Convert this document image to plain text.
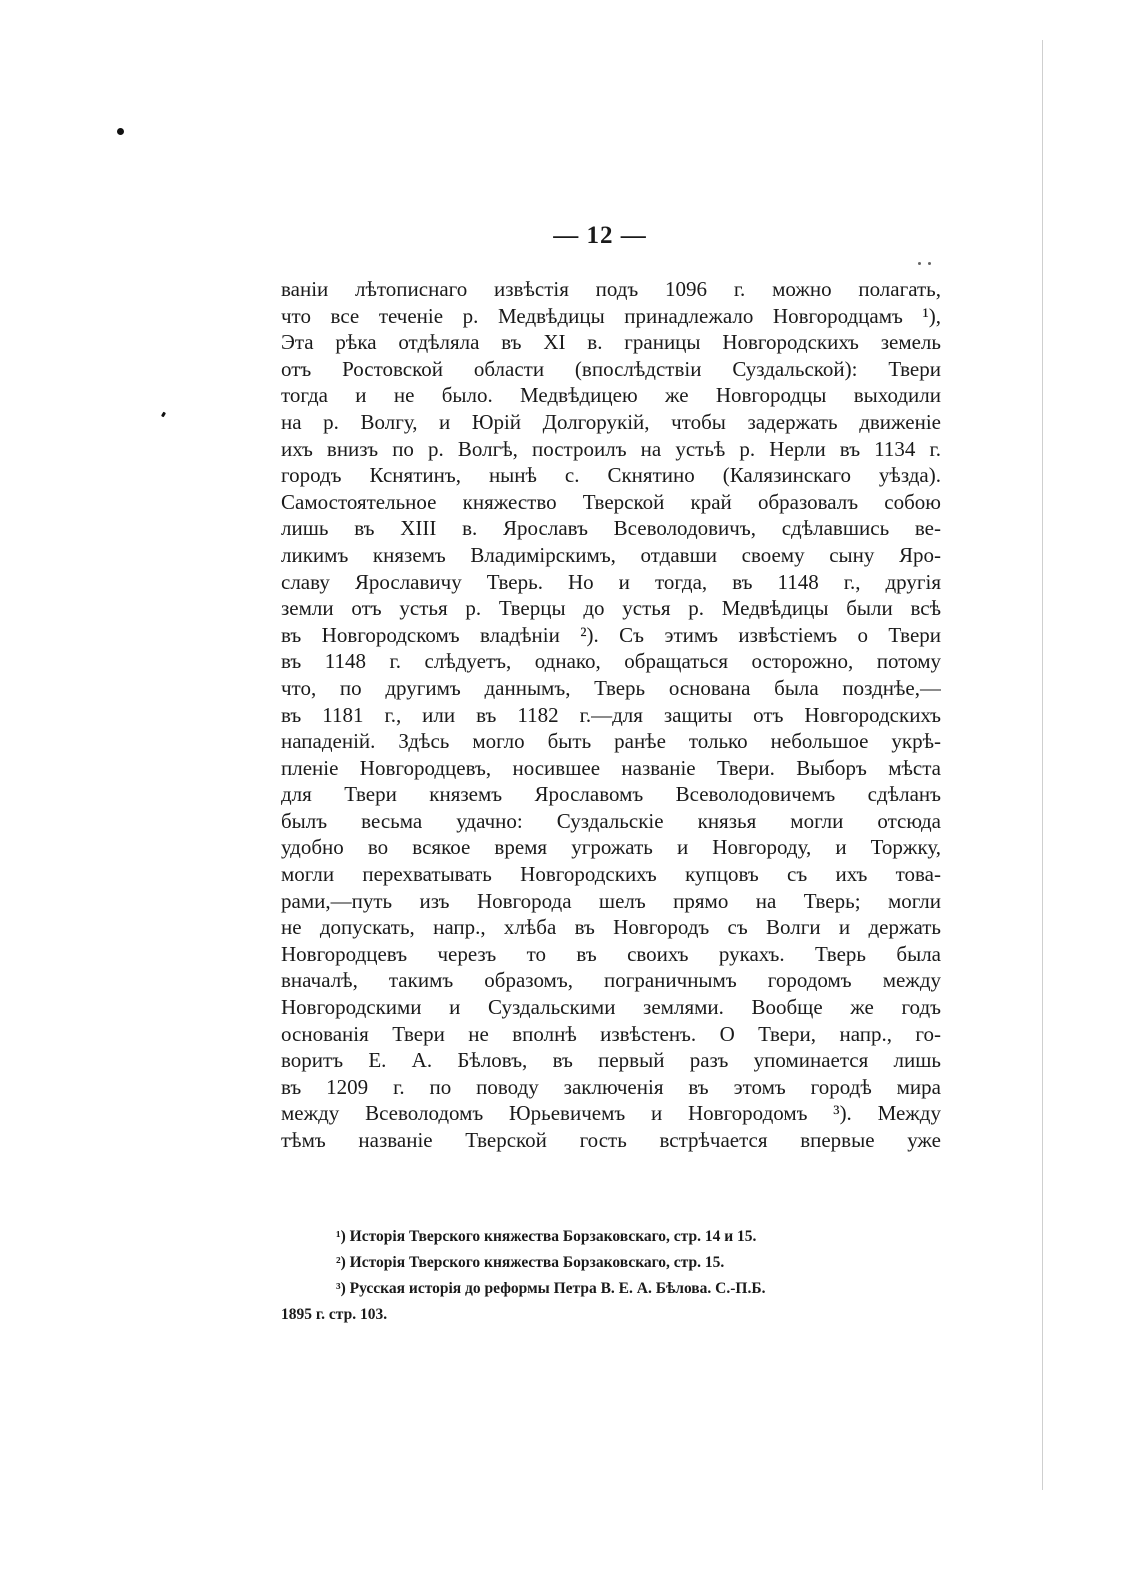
— 12 —
ванiи лѣтописнаго извѣстiя подъ 1096 г. можно полагать,
что все теченiе р. Медвѣдицы принадлежало Новгородцамъ ¹),
Эта рѣка отдѣляла въ XI в. границы Новгородскихъ земель
отъ Ростовской области (впослѣдствiи Суздальской): Твери
тогда и не было. Медвѣдицею же Новгородцы выходили
на р. Волгу, и Юрiй Долгорукiй, чтобы задержать движенiе
ихъ внизъ по р. Волгѣ, построилъ на устьѣ р. Нерли въ 1134 г.
городъ Кснятинъ, нынѣ с. Скнятино (Калязинскаго уѣзда).
Самостоятельное княжество Тверской край образовалъ собою
лишь въ XIII в. Ярославъ Всеволодовичъ, сдѣлавшись ве-
ликимъ княземъ Владимiрскимъ, отдавши своему сыну Яро-
славу Ярославичу Тверь. Но и тогда, въ 1148 г., другiя
земли отъ устья р. Тверцы до устья р. Медвѣдицы были всѣ
въ Новгородскомъ владѣнiи ²). Съ этимъ извѣстiемъ о Твери
въ 1148 г. слѣдуетъ, однако, обращаться осторожно, потому
что, по другимъ даннымъ, Тверь основана была позднѣе,—
въ 1181 г., или въ 1182 г.—для защиты отъ Новгородскихъ
нападенiй. Здѣсь могло быть ранѣе только небольшое укрѣ-
пленiе Новгородцевъ, носившее названiе Твери. Выборъ мѣста
для Твери княземъ Ярославомъ Всеволодовичемъ сдѣланъ
былъ весьма удачно: Суздальскiе князья могли отсюда
удобно во всякое время угрожать и Новгороду, и Торжку,
могли перехватывать Новгородскихъ купцовъ съ ихъ това-
рами,—путь изъ Новгорода шелъ прямо на Тверь; могли
не допускать, напр., хлѣба въ Новгородъ съ Волги и держать
Новгородцевъ черезъ то въ своихъ рукахъ. Тверь была
вначалѣ, такимъ образомъ, пограничнымъ городомъ между
Новгородскими и Суздальскими землями. Вообще же годъ
основанiя Твери не вполнѣ извѣстенъ. О Твери, напр., го-
воритъ Е. А. Бѣловъ, въ первый разъ упоминается лишь
въ 1209 г. по поводу заключенiя въ этомъ городѣ мира
между Всеволодомъ Юрьевичемъ и Новгородомъ ³). Между
тѣмъ названiе Тверской гость встрѣчается впервые уже
¹) Исторiя Тверского княжества Борзаковскаго, стр. 14 и 15.
²) Исторiя Тверского княжества Борзаковскаго, стр. 15.
³) Русская исторiя до реформы Петра В. Е. А. Бѣлова. С.-П.Б.
1895 г. стр. 103.
